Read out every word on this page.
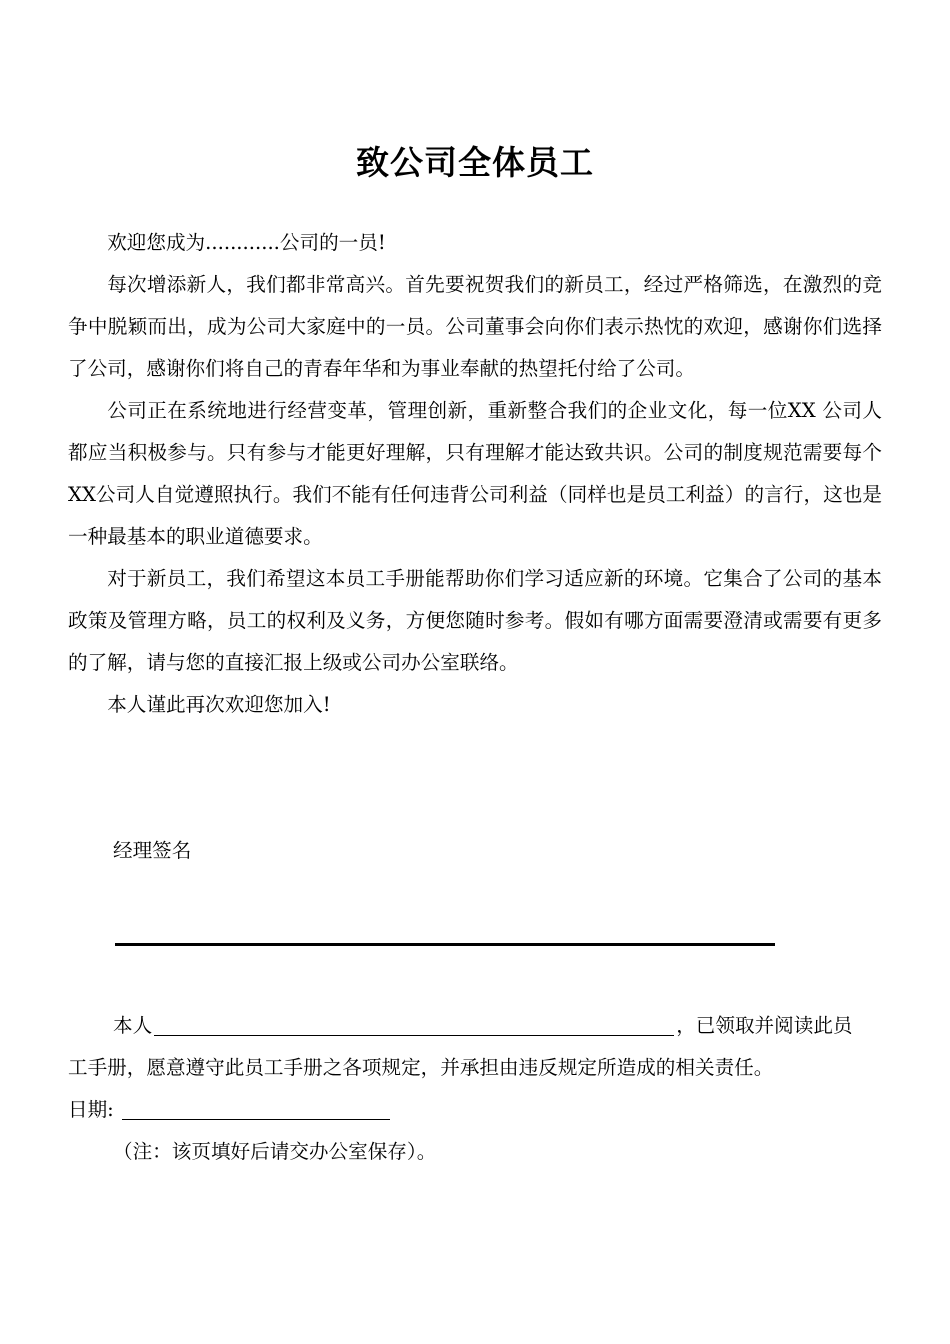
致公司全体员工

欢迎您成为............公司的一员!

每次增添新人，我们都非常高兴。首先要祝贺我们的新员工，经过严格筛选，在激烈的竞争中脱颖而出，成为公司大家庭中的一员。公司董事会向你们表示热忱的欢迎，感谢你们选择了公司，感谢你们将自己的青春年华和为事业奉献的热望托付给了公司。

公司正在系统地进行经营变革，管理创新，重新整合我们的企业文化，每一位XX 公司人都应当积极参与。只有参与才能更好理解，只有理解才能达致共识。公司的制度规范需要每个XX公司人自觉遵照执行。我们不能有任何违背公司利益（同样也是员工利益）的言行，这也是一种最基本的职业道德要求。

对于新员工，我们希望这本员工手册能帮助你们学习适应新的环境。它集合了公司的基本政策及管理方略，员工的权利及义务，方便您随时参考。假如有哪方面需要澄清或需要有更多的了解，请与您的直接汇报上级或公司办公室联络。

本人谨此再次欢迎您加入!

经理签名
本人	，已领取并阅读此员
工手册，愿意遵守此员工手册之各项规定，并承担由违反规定所造成的相关责任。
日期:
（注：该页填好后请交办公室保存）。
